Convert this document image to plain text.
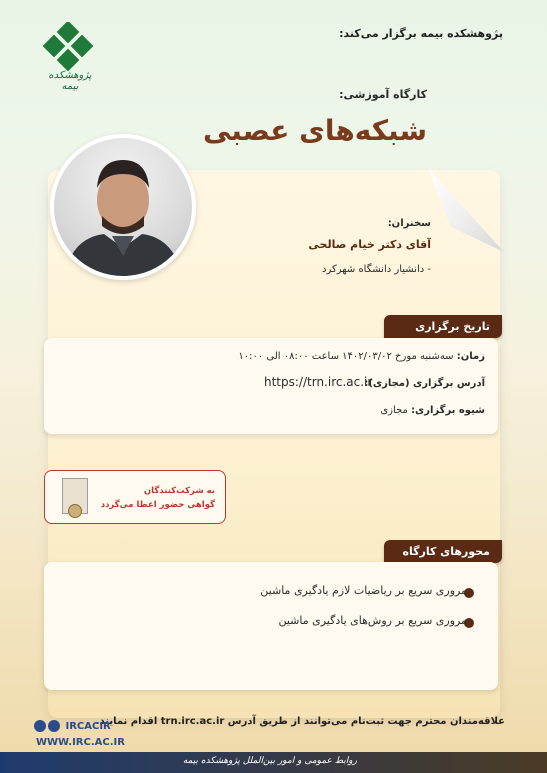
پژوهشکده بیمه
پژوهشکده بیمه برگزار می‌کند:
کارگاه آموزشی:
شبکه‌های عصبی
سخنران:
آقای دکتر خیام صالحی
- دانشیار دانشگاه شهرکرد
تاریخ برگزاری
زمان: سه‌شنبه مورخ ۱۴۰۲/۰۳/۰۲ ساعت ۰۸:۰۰ الی ۱۰:۰۰
آدرس برگزاری (مجازی):
https://trn.irc.ac.ir
شیوه برگزاری: مجازی
به شرکت‌کنندگان
گواهی حضور اعطا می‌گردد
محورهای کارگاه
مروری سریع بر ریاضیات لازم یادگیری ماشین
مروری سریع بر روش‌های یادگیری ماشین
علاقه‌مندان محترم جهت ثبت‌نام می‌توانند از طریق آدرس trn.irc.ac.ir اقدام نمایند.
IRCACIR
WWW.IRC.AC.IR
روابط عمومی و امور بین‌الملل پژوهشکده بیمه
